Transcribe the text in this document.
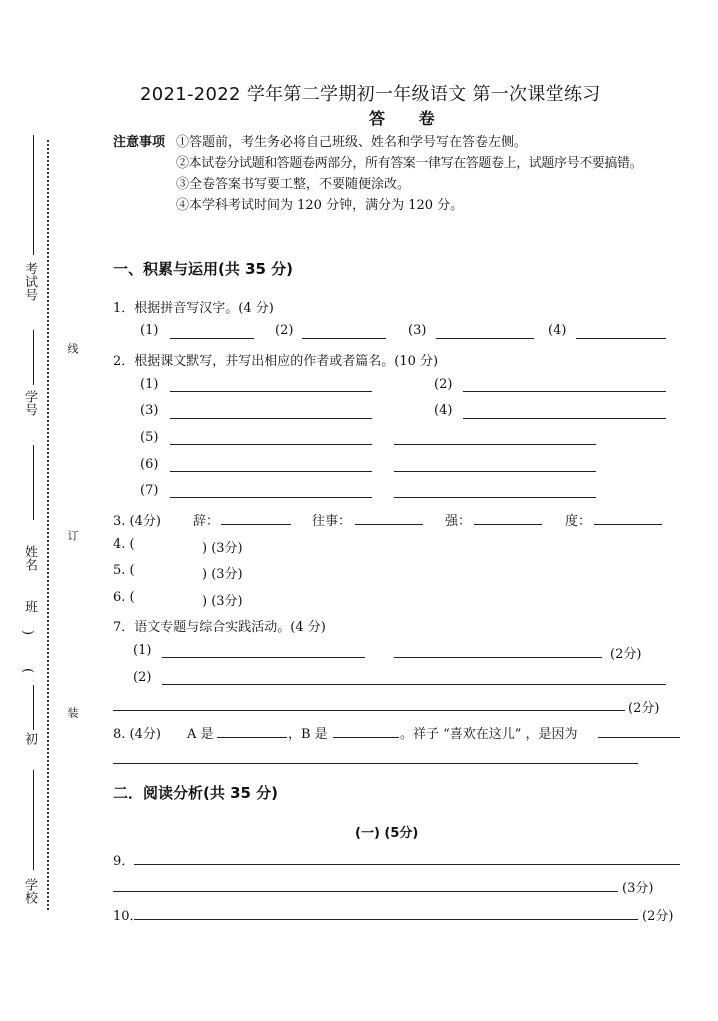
考试号
学号
线
姓名
订
班
)
(
初
装
学校
2021-2022 学年第二学期初一年级语文 第一次课堂练习
答 卷
注意事项 ①答题前，考生务必将自己班级、姓名和学号写在答卷左侧。
②本试卷分试题和答题卷两部分，所有答案一律写在答题卷上，试题序号不要搞错。
③全卷答案书写要工整，不要随便涂改。
④本学科考试时间为 120 分钟，满分为 120 分。
一、积累与运用(共 35 分)
1．根据拼音写汉字。(4 分)
(1)	(2)	(3)	(4)
2．根据课文默写，并写出相应的作者或者篇名。(10 分)
(1)	(2)
(3)	(4)
(5)
(6)
(7)
3. (4分) 辞：	往事：	强：	度：
4. (	) (3分)
5. (	) (3分)
6. (	) (3分)
7．语文专题与综合实践活动。(4 分)
(1)	(2分)
(2)
(2分)
8. (4分) A 是	，B 是	。祥子 “喜欢在这儿” ，是因为
二．阅读分析(共 35 分)
(一) (5分)
9．
(3分)
10．	(2分)
